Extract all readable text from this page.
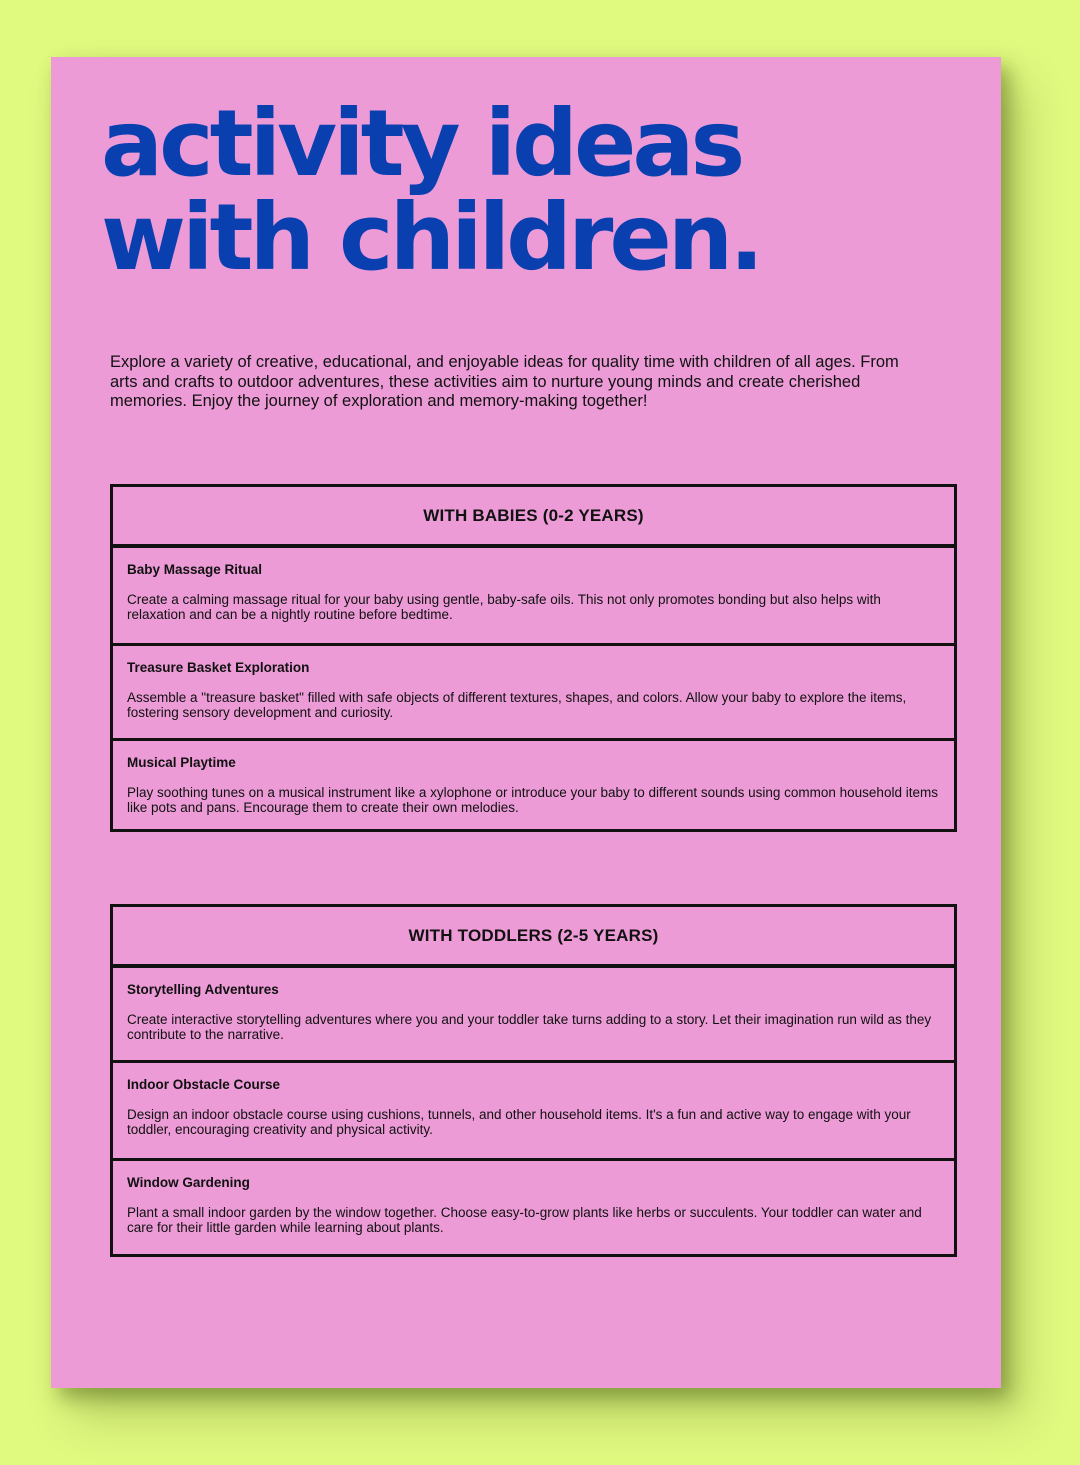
activity ideas
with children.

Explore a variety of creative, educational, and enjoyable ideas for quality time with children of all ages. From arts and crafts to outdoor adventures, these activities aim to nurture young minds and create cherished memories. Enjoy the journey of exploration and memory-making together!

WITH BABIES (0-2 YEARS)
Baby Massage Ritual

Create a calming massage ritual for your baby using gentle, baby-safe oils. This not only promotes bonding but also helps with relaxation and can be a nightly routine before bedtime.

Treasure Basket Exploration

Assemble a "treasure basket" filled with safe objects of different textures, shapes, and colors. Allow your baby to explore the items, fostering sensory development and curiosity.

Musical Playtime

Play soothing tunes on a musical instrument like a xylophone or introduce your baby to different sounds using common household items like pots and pans. Encourage them to create their own melodies.

WITH TODDLERS (2-5 YEARS)
Storytelling Adventures

Create interactive storytelling adventures where you and your toddler take turns adding to a story. Let their imagination run wild as they contribute to the narrative.

Indoor Obstacle Course

Design an indoor obstacle course using cushions, tunnels, and other household items. It's a fun and active way to engage with your toddler, encouraging creativity and physical activity.

Window Gardening

Plant a small indoor garden by the window together. Choose easy-to-grow plants like herbs or succulents. Your toddler can water and care for their little garden while learning about plants.
